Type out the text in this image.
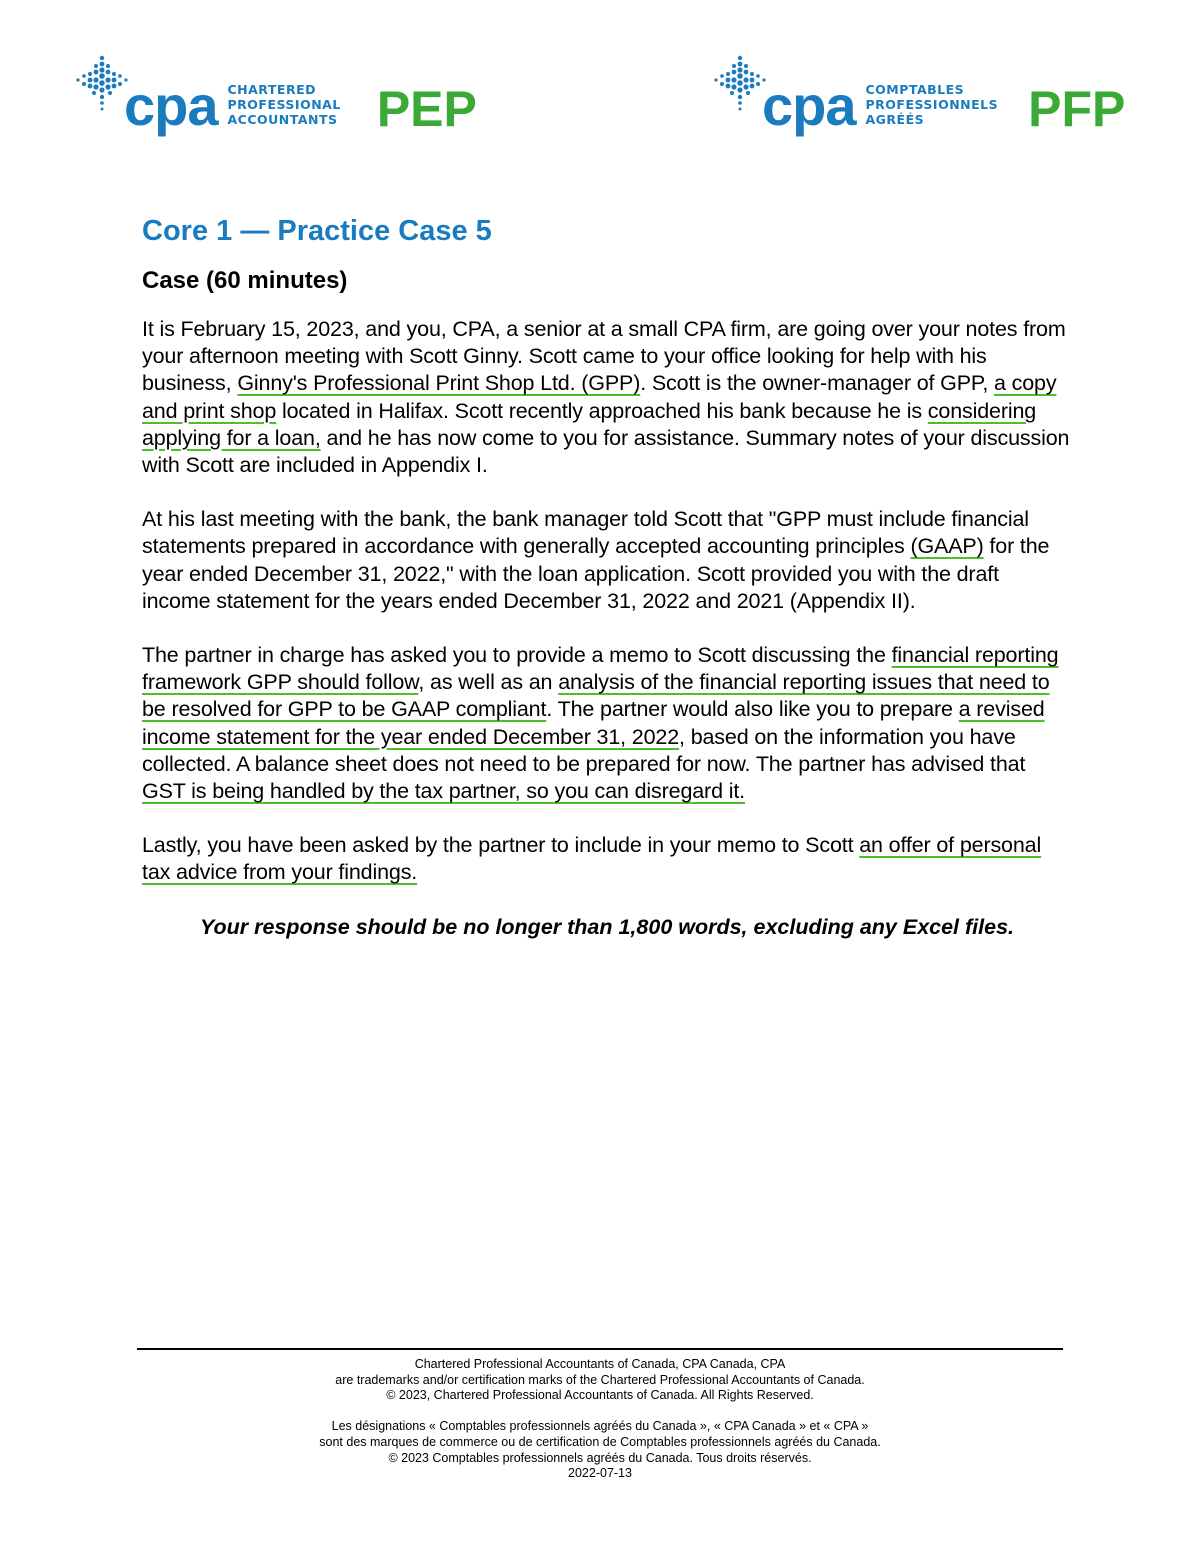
cpa CHARTERED
PROFESSIONAL
ACCOUNTANTS PEP	cpa COMPTABLES
PROFESSIONNELS
AGRÉÉS	PFP
Core 1 — Practice Case 5
Case (60 minutes)

It is February 15, 2023, and you, CPA, a senior at a small CPA firm, are going over your notes from your afternoon meeting with Scott Ginny. Scott came to your office looking for help with his business, Ginny's Professional Print Shop Ltd. (GPP). Scott is the owner-manager of GPP, a copy and print shop located in Halifax. Scott recently approached his bank because he is considering applying for a loan, and he has now come to you for assistance. Summary notes of your discussion with Scott are included in Appendix I.

At his last meeting with the bank, the bank manager told Scott that "GPP must include financial statements prepared in accordance with generally accepted accounting principles (GAAP) for the year ended December 31, 2022," with the loan application. Scott provided you with the draft income statement for the years ended December 31, 2022 and 2021 (Appendix II).

The partner in charge has asked you to provide a memo to Scott discussing the financial reporting framework GPP should follow, as well as an analysis of the financial reporting issues that need to be resolved for GPP to be GAAP compliant. The partner would also like you to prepare a revised income statement for the year ended December 31, 2022, based on the information you have collected. A balance sheet does not need to be prepared for now. The partner has advised that GST is being handled by the tax partner, so you can disregard it.

Lastly, you have been asked by the partner to include in your memo to Scott an offer of personal tax advice from your findings.

Your response should be no longer than 1,800 words, excluding any Excel files.

Chartered Professional Accountants of Canada, CPA Canada, CPA
are trademarks and/or certification marks of the Chartered Professional Accountants of Canada.
© 2023, Chartered Professional Accountants of Canada. All Rights Reserved.
Les désignations « Comptables professionnels agréés du Canada », « CPA Canada » et « CPA »
sont des marques de commerce ou de certification de Comptables professionnels agréés du Canada.
© 2023 Comptables professionnels agréés du Canada. Tous droits réservés.
2022-07-13
